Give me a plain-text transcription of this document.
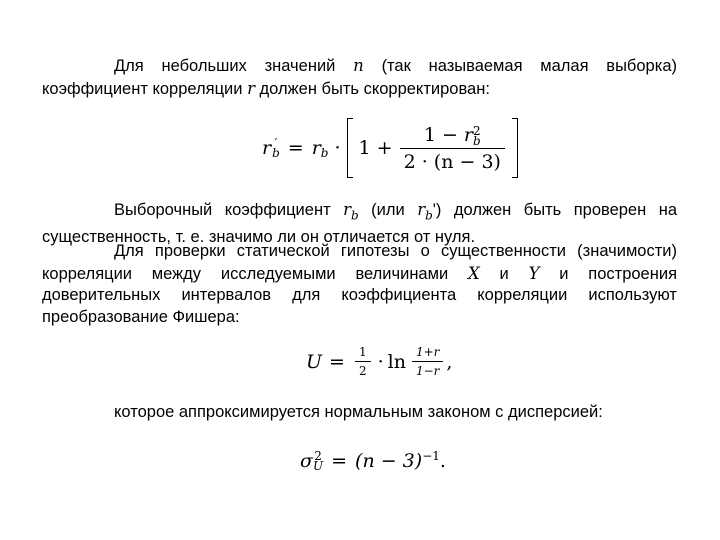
Для небольших значений n (так называемая малая выборка) коэффициент корреляции r должен быть скорректирован:
r ′
$b = r_b \cdot 1 + 1 - r$ 2
b
2 · (n − 3)
Выборочный коэффициент $r_b$ (или $r_b'$) должен быть проверен на существенность, т. е. значимо ли он отличается от нуля.
Для проверки статической гипотезы о существенности (значимости) корреляции между исследуемыми величинами X и Y и построения доверительных интервалов для коэффициента корреляции используют преобразование Фишера:
$U = \frac{1}{2} \cdot \ln \frac{1+r}{1-r}$ ,
которое аппроксимируется нормальным законом с дисперсией:
σ 2
$U = (n - 3)^{-1}$ .
